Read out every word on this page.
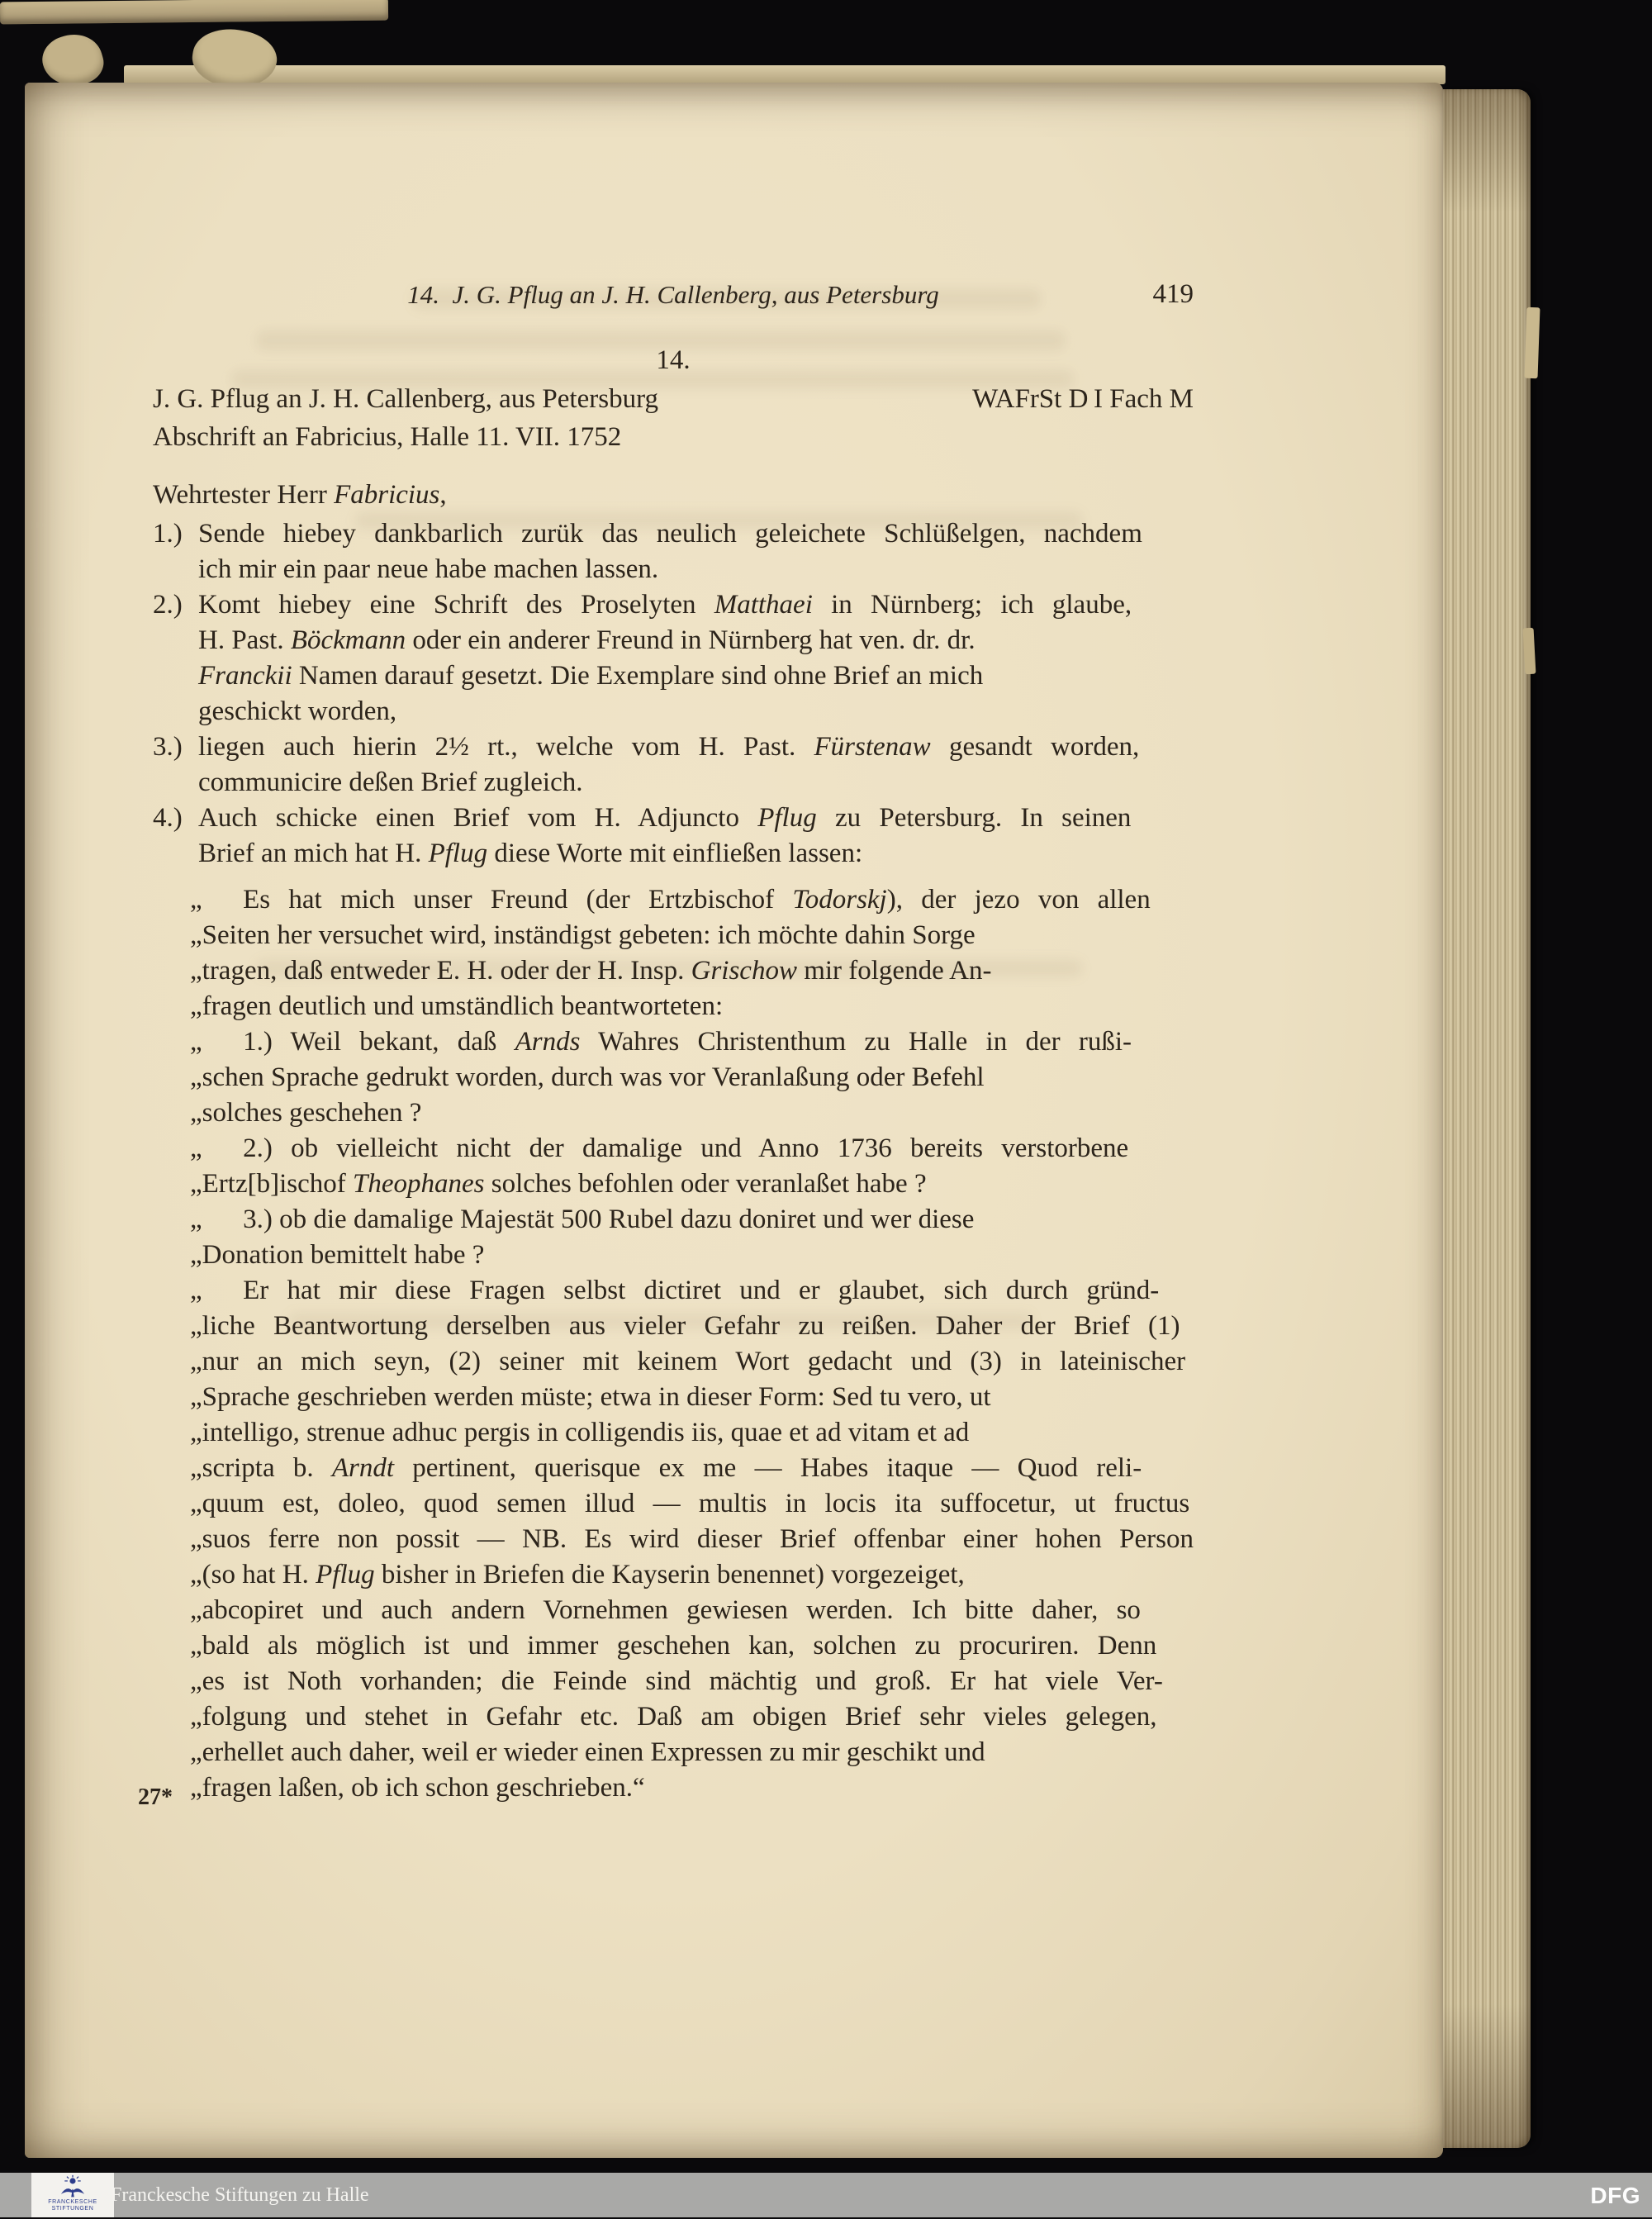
14. J. G. Pflug an J. H. Callenberg, aus Petersburg	419
14.
J. G. Pflug an J. H. Callenberg, aus Petersburg	WAFrSt D I Fach M
Abschrift an Fabricius, Halle 11. VII. 1752
Wehrtester Herr Fabricius,
1.) Sende hiebey dankbarlich zurük das neulich geleichete Schlüßelgen, nachdem
ich mir ein paar neue habe machen lassen.
2.) Komt hiebey eine Schrift des Proselyten Matthaei in Nürnberg; ich glaube,
H. Past. Böckmann oder ein anderer Freund in Nürnberg hat ven. dr. dr.
Franckii Namen darauf gesetzt. Die Exemplare sind ohne Brief an mich
geschickt worden,
3.) liegen auch hierin 2½ rt., welche vom H. Past. Fürstenaw gesandt worden,
communicire deßen Brief zugleich.
4.) Auch schicke einen Brief vom H. Adjuncto Pflug zu Petersburg. In seinen
Brief an mich hat H. Pflug diese Worte mit einfließen lassen:
„  Es hat mich unser Freund (der Ertzbischof Todorskj), der jezo von allen
„Seiten her versuchet wird, inständigst gebeten: ich möchte dahin Sorge
„tragen, daß entweder E. H. oder der H. Insp. Grischow mir folgende An-
„fragen deutlich und umständlich beantworteten:
„  1.) Weil bekant, daß Arnds Wahres Christenthum zu Halle in der rußi-
„schen Sprache gedrukt worden, durch was vor Veranlaßung oder Befehl
„solches geschehen ?
„  2.) ob vielleicht nicht der damalige und Anno 1736 bereits verstorbene
„Ertz[b]ischof Theophanes solches befohlen oder veranlaßet habe ?
„  3.) ob die damalige Majestät 500 Rubel dazu doniret und wer diese
„Donation bemittelt habe ?
„  Er hat mir diese Fragen selbst dictiret und er glaubet, sich durch gründ-
„liche Beantwortung derselben aus vieler Gefahr zu reißen. Daher der Brief (1)
„nur an mich seyn, (2) seiner mit keinem Wort gedacht und (3) in lateinischer
„Sprache geschrieben werden müste; etwa in dieser Form: Sed tu vero, ut
„intelligo, strenue adhuc pergis in colligendis iis, quae et ad vitam et ad
„scripta b. Arndt pertinent, querisque ex me — Habes itaque — Quod reli-
„quum est, doleo, quod semen illud — multis in locis ita suffocetur, ut fructus
„suos ferre non possit — NB. Es wird dieser Brief offenbar einer hohen Person
„(so hat H. Pflug bisher in Briefen die Kayserin benennet) vorgezeiget,
„abcopiret und auch andern Vornehmen gewiesen werden. Ich bitte daher, so
„bald als möglich ist und immer geschehen kan, solchen zu procuriren. Denn
„es ist Noth vorhanden; die Feinde sind mächtig und groß. Er hat viele Ver-
„folgung und stehet in Gefahr etc. Daß am obigen Brief sehr vieles gelegen,
„erhellet auch daher, weil er wieder einen Expressen zu mir geschikt und
„fragen laßen, ob ich schon geschrieben.“
27*
FRANCKESCHE
STIFTUNGEN
Franckesche Stiftungen zu Halle	DFG
